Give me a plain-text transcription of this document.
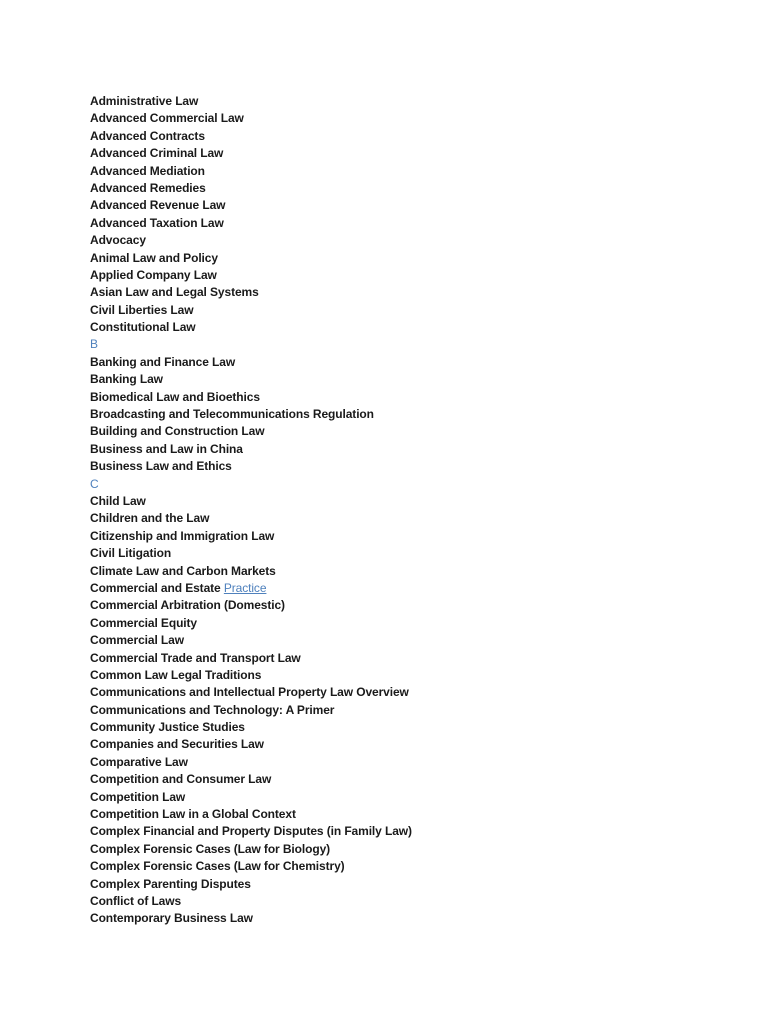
Administrative Law
Advanced Commercial Law
Advanced Contracts
Advanced Criminal Law
Advanced Mediation
Advanced Remedies
Advanced Revenue Law
Advanced Taxation Law
Advocacy
Animal Law and Policy
Applied Company Law
Asian Law and Legal Systems
Civil Liberties Law
Constitutional Law
B
Banking and Finance Law
Banking Law
Biomedical Law and Bioethics
Broadcasting and Telecommunications Regulation
Building and Construction Law
Business and Law in China
Business Law and Ethics
C
Child Law
Children and the Law
Citizenship and Immigration Law
Civil Litigation
Climate Law and Carbon Markets
Commercial and Estate Practice
Commercial Arbitration (Domestic)
Commercial Equity
Commercial Law
Commercial Trade and Transport Law
Common Law Legal Traditions
Communications and Intellectual Property Law Overview
Communications and Technology: A Primer
Community Justice Studies
Companies and Securities Law
Comparative Law
Competition and Consumer Law
Competition Law
Competition Law in a Global Context
Complex Financial and Property Disputes (in Family Law)
Complex Forensic Cases (Law for Biology)
Complex Forensic Cases (Law for Chemistry)
Complex Parenting Disputes
Conflict of Laws
Contemporary Business Law
